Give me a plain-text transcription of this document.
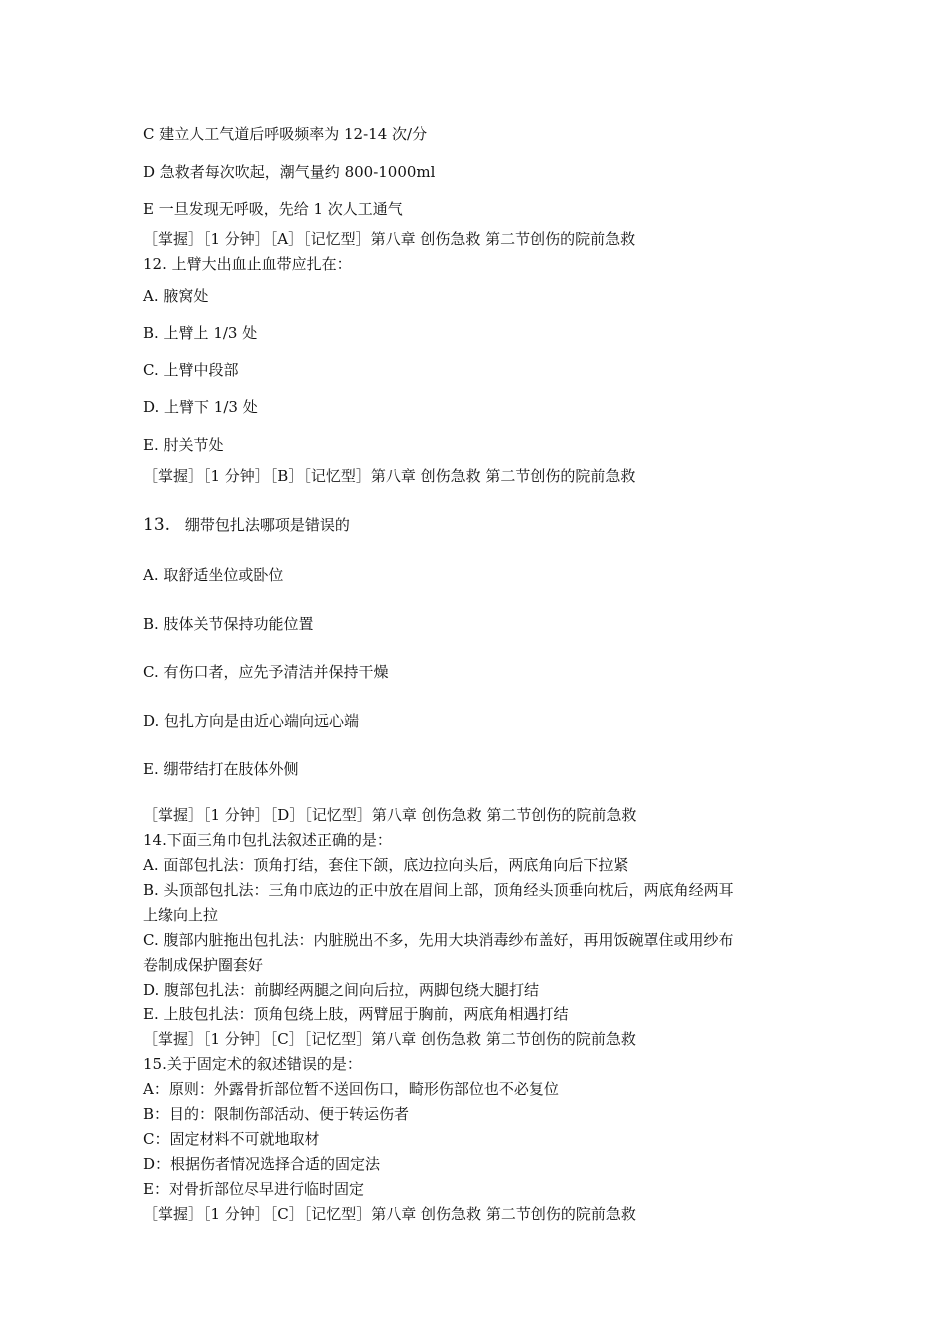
C 建立人工气道后呼吸频率为 12-14 次/分
D 急救者每次吹起，潮气量约 800-1000ml
E 一旦发现无呼吸，先给 1 次人工通气
［掌握］［1 分钟］［A］［记忆型］第八章 创伤急救 第二节创伤的院前急救
12. 上臂大出血止血带应扎在：
A. 腋窝处
B. 上臂上 1/3 处
C. 上臂中段部
D. 上臂下 1/3 处
E. 肘关节处
［掌握］［1 分钟］［B］［记忆型］第八章 创伤急救 第二节创伤的院前急救
13. 绷带包扎法哪项是错误的
A. 取舒适坐位或卧位
B. 肢体关节保持功能位置
C. 有伤口者，应先予清洁并保持干燥
D. 包扎方向是由近心端向远心端
E. 绷带结打在肢体外侧
［掌握］［1 分钟］［D］［记忆型］第八章 创伤急救 第二节创伤的院前急救
14.下面三角巾包扎法叙述正确的是：
A. 面部包扎法：顶角打结，套住下颌，底边拉向头后，两底角向后下拉紧
B. 头顶部包扎法：三角巾底边的正中放在眉间上部，顶角经头顶垂向枕后，两底角经两耳
上缘向上拉
C. 腹部内脏拖出包扎法：内脏脱出不多，先用大块消毒纱布盖好，再用饭碗罩住或用纱布
卷制成保护圈套好
D. 腹部包扎法：前脚经两腿之间向后拉，两脚包绕大腿打结
E. 上肢包扎法：顶角包绕上肢，两臂屈于胸前，两底角相遇打结
［掌握］［1 分钟］［C］［记忆型］第八章 创伤急救 第二节创伤的院前急救
15.关于固定术的叙述错误的是：
A：原则：外露骨折部位暂不送回伤口，畸形伤部位也不必复位
B：目的：限制伤部活动、便于转运伤者
C：固定材料不可就地取材
D：根据伤者情况选择合适的固定法
E：对骨折部位尽早进行临时固定
［掌握］［1 分钟］［C］［记忆型］第八章 创伤急救 第二节创伤的院前急救
